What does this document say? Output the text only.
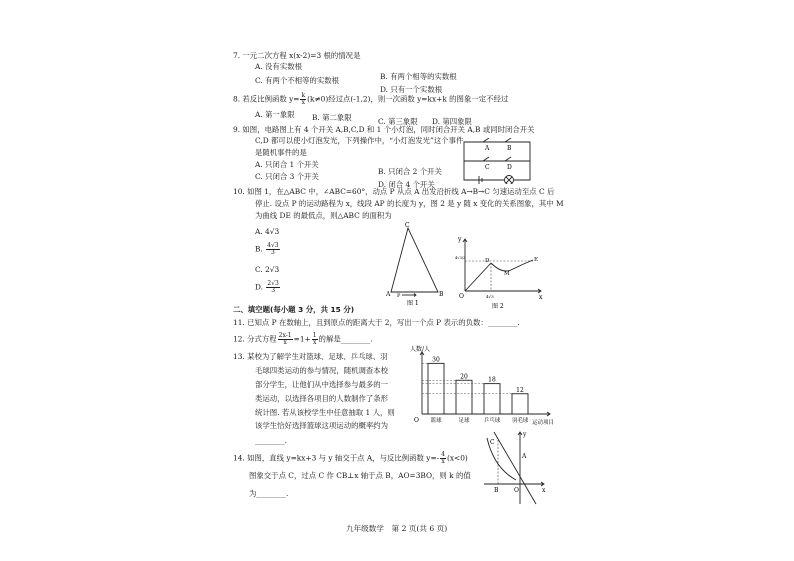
7. 一元二次方程 x(x-2)=3 根的情况是
A. 没有实数根
B. 有两个相等的实数根
C. 有两个不相等的实数根
D. 只有一个实数根
8. 若反比例函数 $y= \frac{k}{x} (k\ne 0)$经过点(-1,2)，则一次函数 y=kx+k 的图象一定不经过
A. 第一象限 B. 第二象限	C. 第三象限 D. 第四象限
9. 如图，电路图上有 4 个开关 A,B,C,D 和 1 个小灯泡，同时闭合开关 A,B 或同时闭合开关
C,D 都可以使小灯泡发光，下列操作中，“小灯泡发光”这个事件
是随机事件的是
A. 只闭合 1 个开关
B. 只闭合 2 个开关
C. 只闭合 3 个开关
D. 闭合 4 个开关
A	B
C	D
10. 如图 1，在△ABC 中，∠ABC=60°，动点 P 从点 A 出发沿折线 A→B→C 匀速运动至点 C 后
停止. 设点 P 的运动路程为 x，线段 AP 的长度为 y，图 2 是 y 随 x 变化的关系图象，其中 M
为曲线 DE 的最低点，则△ABC 的面积为
A. 4√3
B. $\frac{4√3}{3}$
C. 2√3
D. $\frac{2√3}{3}$
C
A	B
P
图 1
y
x
O
D	E
M
4√3/3
4√3
图 2
二、填空题(每小题 3 分，共 15 分)
11. 已知点 P 在数轴上，且到原点的距离大于 2，写出一个点 P 表示的负数：________.
12. 分式方程 $\frac{2x-1}{x} =1+ \frac{1}{x}$ 的解是________.
13. 某校为了解学生对篮球、足球、乒乓球、羽
毛球四类运动的参与情况，随机调查本校
部分学生，让他们从中选择参与最多的一
类运动，以选择各项目的人数制作了条形
统计图. 若从该校学生中任意抽取 1 人，则
该学生恰好选择篮球这项运动的概率约为
________.
30
篮球
20
足球
18
乒乓球
12
羽毛球
人数/人
运动项目
O
14. 如图，直线 y=kx+3 与 y 轴交于点 A，与反比例函数 $y=- \frac{4}{x} (x<0)$
图象交于点 C，过点 C 作 CB⊥x 轴于点 B，AO=3BO，则 k 的值
为________.
y
x
A
B
C
O
九年级数学　第 2 页(共 6 页)
